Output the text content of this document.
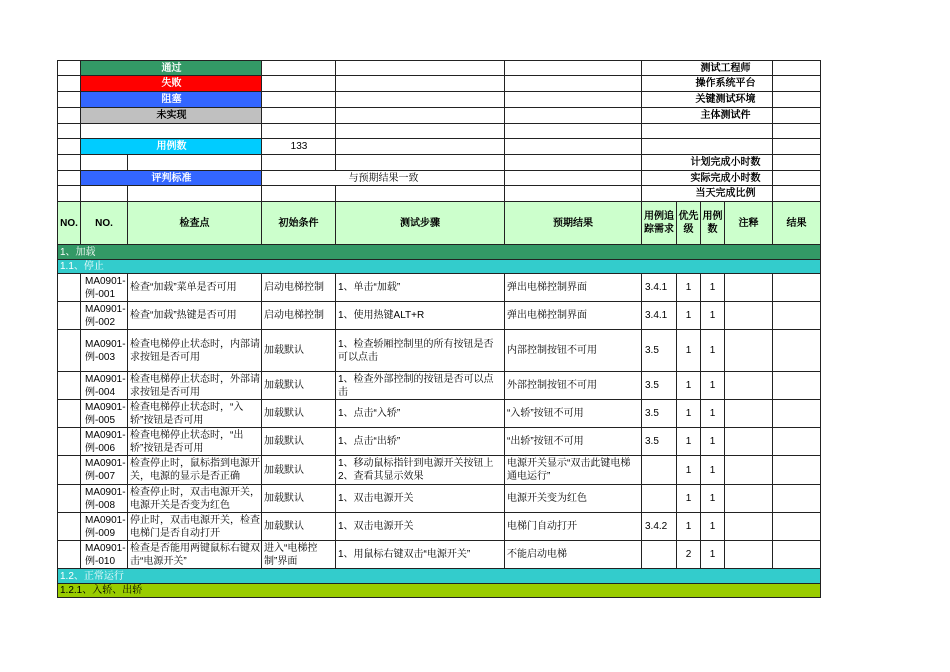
	通过					测试工程师				
	失败					操作系统平台				
	阻塞					关键测试环境				
	未实现					主体测试件				

	用例数		133							
						计划完成小时数				
	评判标准		与预期结果一致			实际完成小时数				
						当天完成比例				
NO.	NO.	检查点	初始条件	测试步骤	预期结果	用例追踪需求	优先级	用例数	注释	结果
1、加载										
1.1、停止										
	MA0901-例-001	检查“加载”菜单是否可用	启动电梯控制	1、单击“加载”	弹出电梯控制界面	3.4.1	1	1		
	MA0901-例-002	检查“加载”热键是否可用	启动电梯控制	1、使用热键ALT+R	弹出电梯控制界面	3.4.1	1	1		
	MA0901-例-003	检查电梯停止状态时，内部请求按钮是否可用	加载默认	1、检查轿厢控制里的所有按钮是否可以点击	内部控制按钮不可用	3.5	1	1		
	MA0901-例-004	检查电梯停止状态时，外部请求按钮是否可用	加载默认	1、检查外部控制的按钮是否可以点击	外部控制按钮不可用	3.5	1	1		
	MA0901-例-005	检查电梯停止状态时，“入轿”按钮是否可用	加载默认	1、点击“入轿”	“入轿”按钮不可用	3.5	1	1		
	MA0901-例-006	检查电梯停止状态时，“出轿”按钮是否可用	加载默认	1、点击“出轿”	“出轿”按钮不可用	3.5	1	1		
	MA0901-例-007	检查停止时，鼠标指到电源开关，电源的显示是否正确	加载默认	1、移动鼠标指针到电源开关按钮上
2、查看其显示效果	电源开关显示“双击此键电梯通电运行”		1	1		
	MA0901-例-008	检查停止时，双击电源开关，电源开关是否变为红色	加载默认	1、双击电源开关	电源开关变为红色		1	1		
	MA0901-例-009	停止时，双击电源开关，检查电梯门是否自动打开	加载默认	1、双击电源开关	电梯门自动打开	3.4.2	1	1		
	MA0901-例-010	检查是否能用两键鼠标右键双击“电源开关”	进入“电梯控制”界面	1、用鼠标右键双击“电源开关”	不能启动电梯		2	1		
1.2、正常运行										
1.2.1、入轿、出轿										
